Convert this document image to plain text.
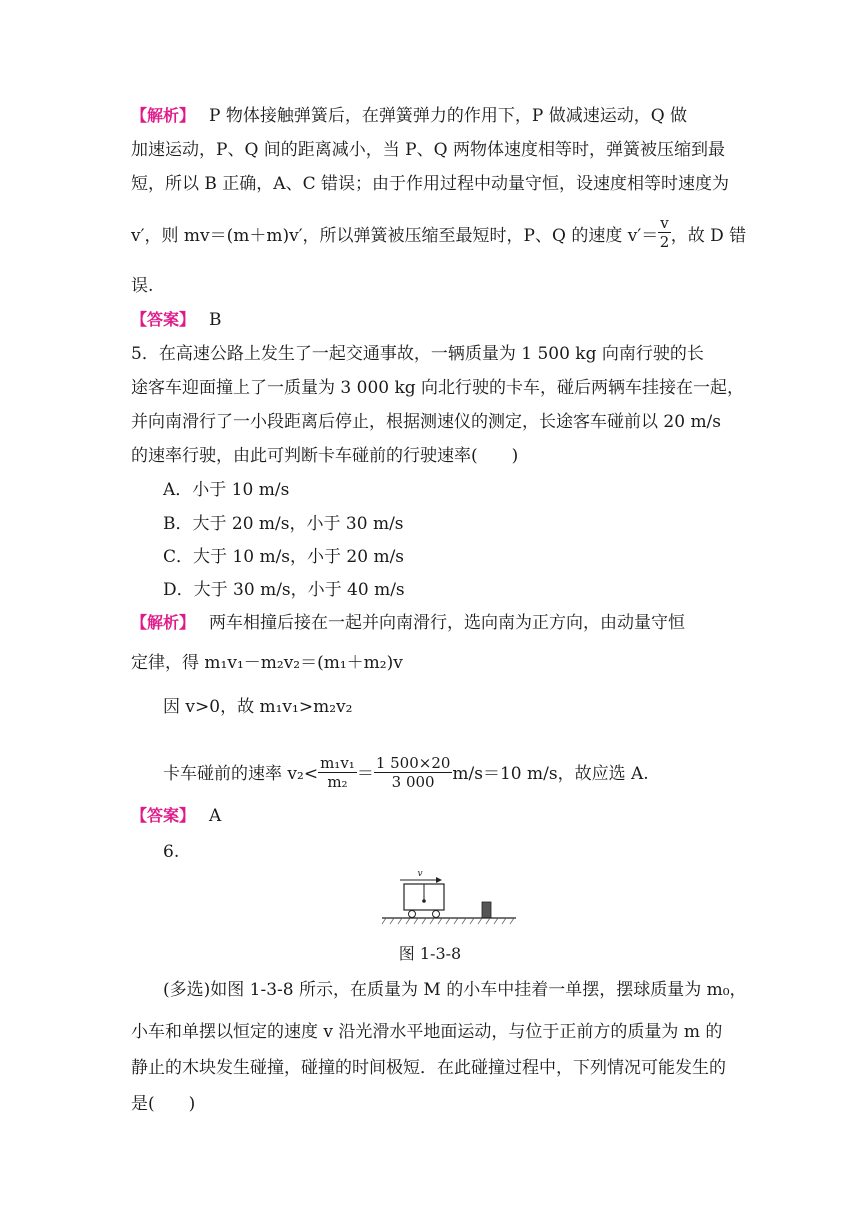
【解析】 P 物体接触弹簧后，在弹簧弹力的作用下，P 做减速运动，Q 做
加速运动，P、Q 间的距离减小，当 P、Q 两物体速度相等时，弹簧被压缩到最
短，所以 B 正确，A、C 错误；由于作用过程中动量守恒，设速度相等时速度为
v′，则 mv＝(m＋m)v′，所以弹簧被压缩至最短时，P、Q 的速度 $v'= \frac{v}{2}$ ，故 D 错
误.
【答案】 B
5．在高速公路上发生了一起交通事故，一辆质量为 1 500 kg 向南行驶的长
途客车迎面撞上了一质量为 3 000 kg 向北行驶的卡车，碰后两辆车挂接在一起，
并向南滑行了一小段距离后停止，根据测速仪的测定，长途客车碰前以 20 m/s
的速率行驶，由此可判断卡车碰前的行驶速率(　　)
A．小于 10 m/s
B．大于 20 m/s，小于 30 m/s
C．大于 10 m/s，小于 20 m/s
D．大于 30 m/s，小于 40 m/s
【解析】 两车相撞后接在一起并向南滑行，选向南为正方向，由动量守恒
定律，得 m₁v₁－m₂v₂＝(m₁＋m₂)v
因 v>0，故 m₁v₁>m₂v₂
卡车碰前的速率 $v_2< \frac{\text{m₁v₁}}{\text{m₂}} = \frac{1 500\times 20}{3 000} m/s=10$ m/s，故应选 A.
【答案】 A
6.
v
图 1-3-8
(多选)如图 1-3-8 所示，在质量为 M 的小车中挂着一单摆，摆球质量为 m₀，
小车和单摆以恒定的速度 v 沿光滑水平地面运动，与位于正前方的质量为 m 的
静止的木块发生碰撞，碰撞的时间极短．在此碰撞过程中，下列情况可能发生的
是(　　)
